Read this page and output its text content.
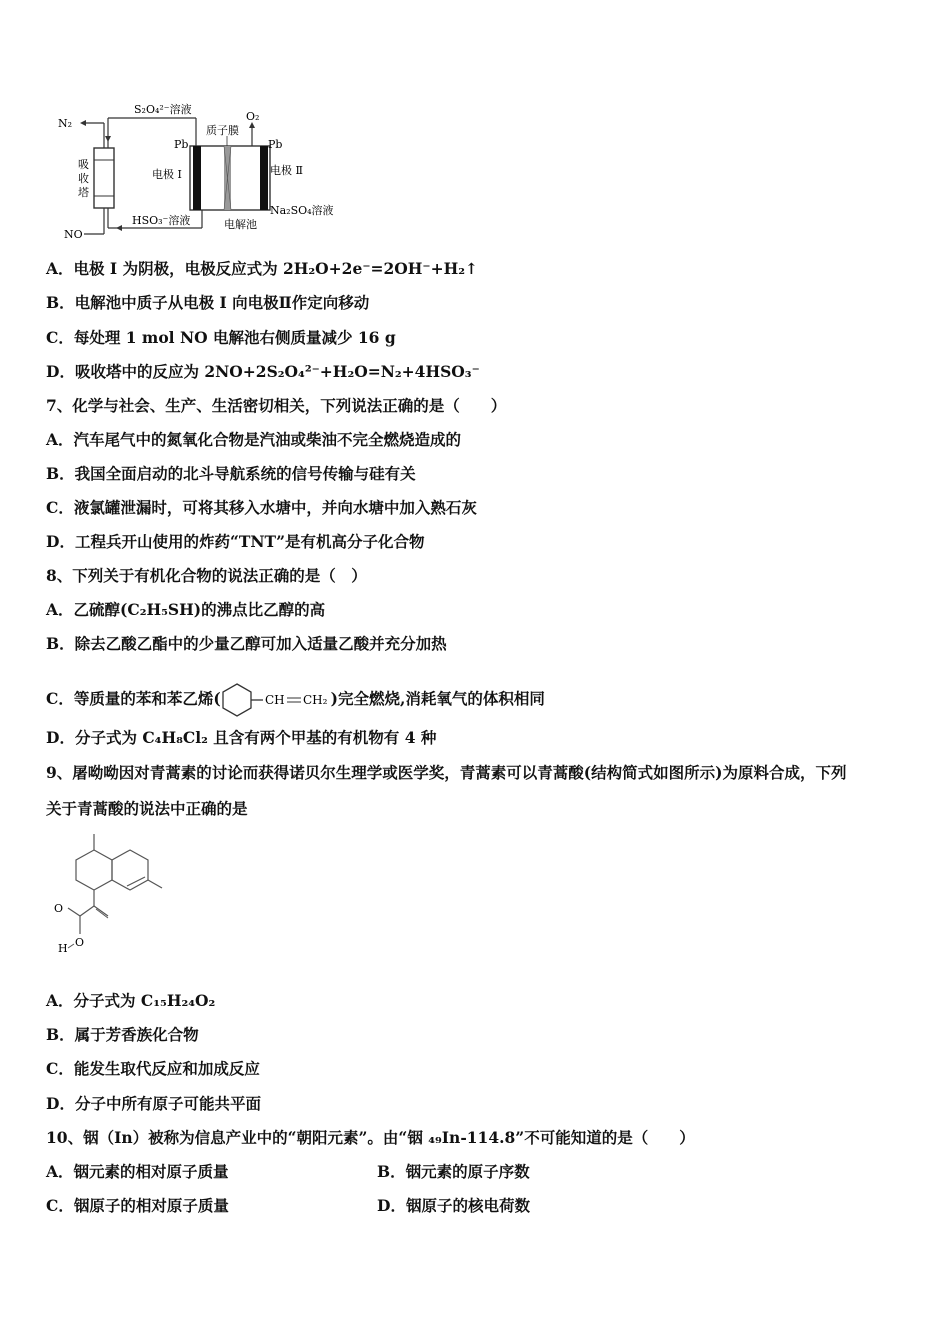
N₂
S₂O₄²⁻溶液
NO
HSO₃⁻溶液
吸
收
塔
O₂
质子膜
Pb	Pb
电极 Ⅰ	电极 Ⅱ
Na₂SO₄溶液
电解池
A．电极 I 为阴极，电极反应式为 2H₂O+2e⁻=2OH⁻+H₂↑
B．电解池中质子从电极 I 向电极Ⅱ作定向移动
C．每处理 1 mol NO 电解池右侧质量减少 16 g
D．吸收塔中的反应为 2NO+2S₂O₄²⁻+H₂O=N₂+4HSO₃⁻
7、化学与社会、生产、生活密切相关，下列说法正确的是（　　）
A．汽车尾气中的氮氧化合物是汽油或柴油不完全燃烧造成的
B．我国全面启动的北斗导航系统的信号传输与硅有关
C．液氯罐泄漏时，可将其移入水塘中，并向水塘中加入熟石灰
D．工程兵开山使用的炸药“TNT”是有机高分子化合物
8、下列关于有机化合物的说法正确的是（　）
A．乙硫醇(C₂H₅SH)的沸点比乙醇的高
B．除去乙酸乙酯中的少量乙醇可加入适量乙酸并充分加热
C．等质量的苯和苯乙烯(	CH CH₂ )完全燃烧,消耗氧气的体积相同
D．分子式为 C₄H₈Cl₂ 且含有两个甲基的有机物有 4 种
9、屠呦呦因对青蒿素的讨论而获得诺贝尔生理学或医学奖，青蒿素可以青蒿酸(结构简式如图所示)为原料合成，下列
关于青蒿酸的说法中正确的是
O
O
H
A．分子式为 C₁₅H₂₄O₂
B．属于芳香族化合物
C．能发生取代反应和加成反应
D．分子中所有原子可能共平面
10、铟（In）被称为信息产业中的“朝阳元素”。由“铟 ₄₉In-114.8”不可能知道的是（　　）
A．铟元素的相对原子质量	B．铟元素的原子序数
C．铟原子的相对原子质量	D．铟原子的核电荷数
